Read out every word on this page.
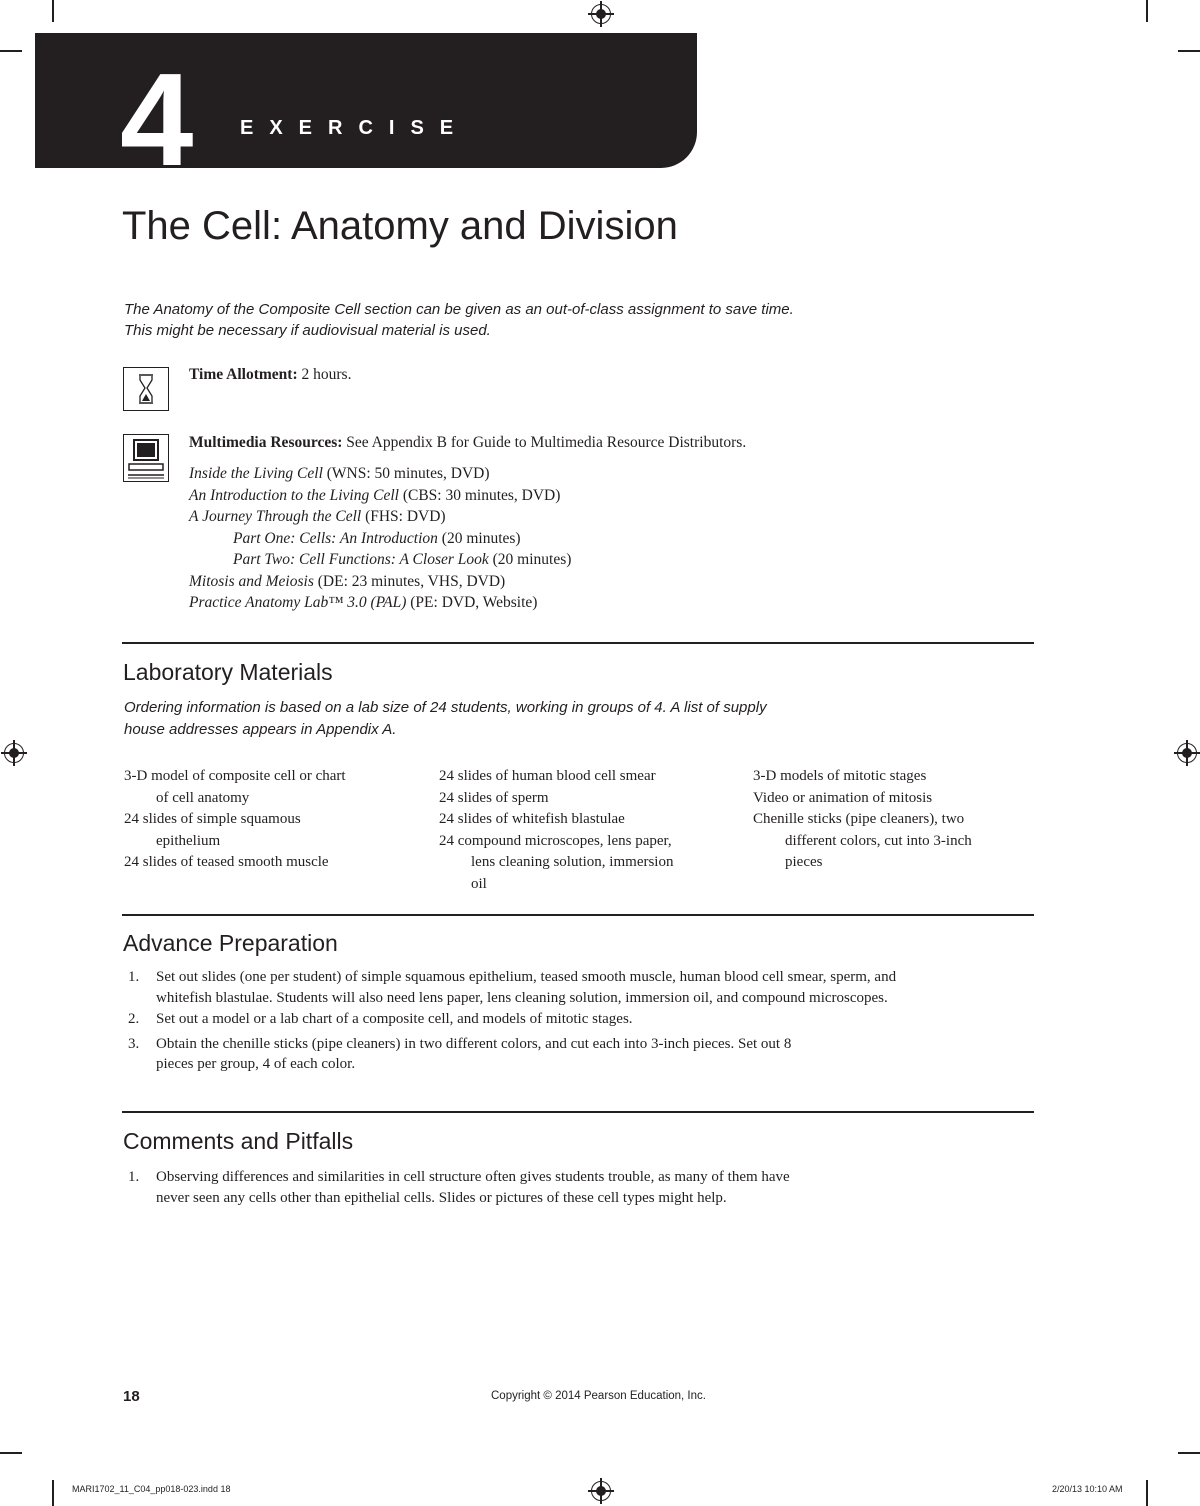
4	EXERCISE
The Cell: Anatomy and Division
The Anatomy of the Composite Cell section can be given as an out-of-class assignment to save time.
This might be necessary if audiovisual material is used.
Time Allotment: 2 hours.
Multimedia Resources: See Appendix B for Guide to Multimedia Resource Distributors.
Inside the Living Cell (WNS: 50 minutes, DVD)
An Introduction to the Living Cell (CBS: 30 minutes, DVD)
A Journey Through the Cell (FHS: DVD)
Part One: Cells: An Introduction (20 minutes)
Part Two: Cell Functions: A Closer Look (20 minutes)
Mitosis and Meiosis (DE: 23 minutes, VHS, DVD)
Practice Anatomy Lab™ 3.0 (PAL) (PE: DVD, Website)
Laboratory Materials
Ordering information is based on a lab size of 24 students, working in groups of 4. A list of supply
house addresses appears in Appendix A.
3-D model of composite cell or chart
of cell anatomy
24 slides of simple squamous
epithelium
24 slides of teased smooth muscle
24 slides of human blood cell smear
24 slides of sperm
24 slides of whitefish blastulae
24 compound microscopes, lens paper,
lens cleaning solution, immersion
oil
3-D models of mitotic stages
Video or animation of mitosis
Chenille sticks (pipe cleaners), two
different colors, cut into 3-inch
pieces
Advance Preparation
1. Set out slides (one per student) of simple squamous epithelium, teased smooth muscle, human blood cell smear, sperm, and
whitefish blastulae. Students will also need lens paper, lens cleaning solution, immersion oil, and compound microscopes.
2. Set out a model or a lab chart of a composite cell, and models of mitotic stages.
3. Obtain the chenille sticks (pipe cleaners) in two different colors, and cut each into 3-inch pieces. Set out 8
pieces per group, 4 of each color.
Comments and Pitfalls
1. Observing differences and similarities in cell structure often gives students trouble, as many of them have
never seen any cells other than epithelial cells. Slides or pictures of these cell types might help.
18	Copyright © 2014 Pearson Education, Inc.
MARI1702_11_C04_pp018-023.indd 18	2/20/13 10:10 AM
